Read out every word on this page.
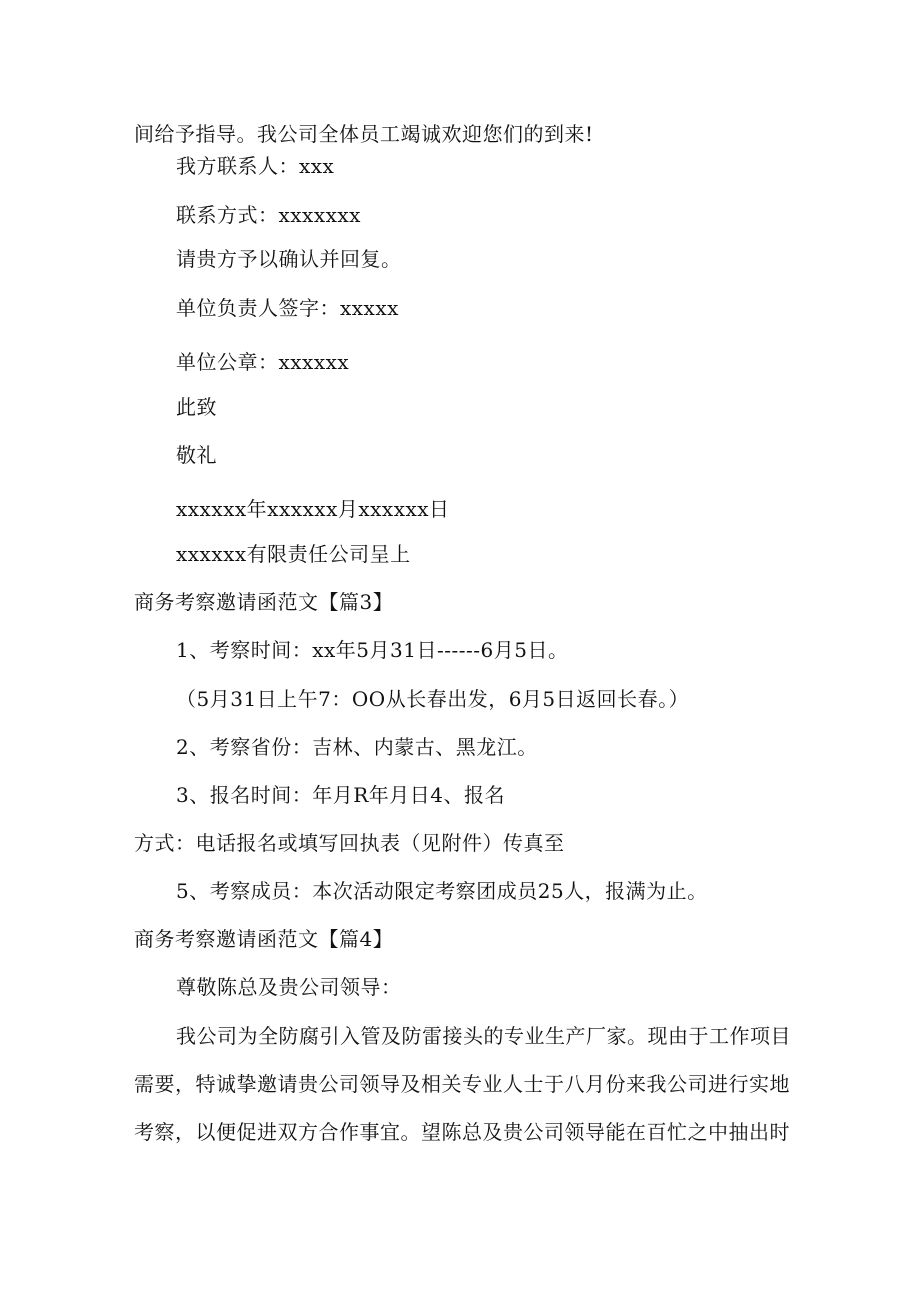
间给予指导。我公司全体员工竭诚欢迎您们的到来!
我方联系人：xxx
联系方式：xxxxxxx
请贵方予以确认并回复。
单位负责人签字：xxxxx
单位公章：xxxxxx
此致
敬礼
xxxxxx年xxxxxx月xxxxxx日
xxxxxx有限责任公司呈上
商务考察邀请函范文【篇3】
1、考察时间：xx年5月31日------6月5日。
（5月31日上午7：OO从长春出发，6月5日返回长春。）
2、考察省份：吉林、内蒙古、黑龙江。
3、报名时间：年月R年月日4、报名
方式：电话报名或填写回执表（见附件）传真至
5、考察成员：本次活动限定考察团成员25人，报满为止。
商务考察邀请函范文【篇4】
尊敬陈总及贵公司领导：
我公司为全防腐引入管及防雷接头的专业生产厂家。现由于工作项目
需要，特诚挚邀请贵公司领导及相关专业人士于八月份来我公司进行实地
考察，以便促进双方合作事宜。望陈总及贵公司领导能在百忙之中抽出时
